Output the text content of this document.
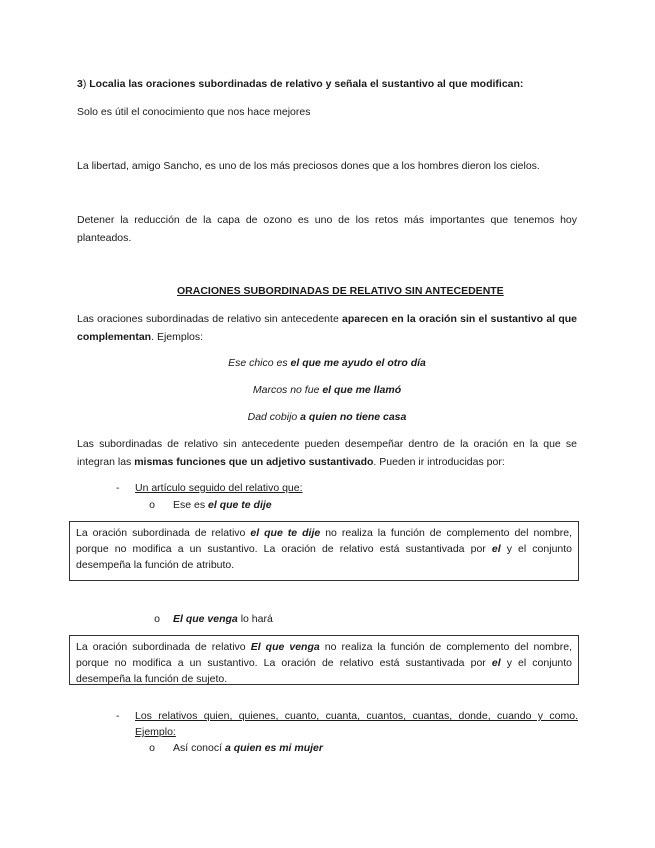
3) Localia las oraciones subordinadas de relativo y señala el sustantivo al que modifican:
Solo es útil el conocimiento que nos hace mejores
La libertad, amigo Sancho, es uno de los más preciosos dones que a los hombres dieron los cielos.
Detener la reducción de la capa de ozono es uno de los retos más importantes que tenemos hoy
planteados.
ORACIONES SUBORDINADAS DE RELATIVO SIN ANTECEDENTE
Las oraciones subordinadas de relativo sin antecedente aparecen en la oración sin el sustantivo al que
complementan. Ejemplos:
Ese chico es el que me ayudo el otro día
Marcos no fue el que me llamó
Dad cobijo a quien no tiene casa
Las subordinadas de relativo sin antecedente pueden desempeñar dentro de la oración en la que se
integran las mismas funciones que un adjetivo sustantivado. Pueden ir introducidas por:
- Un artículo seguido del relativo que:
o Ese es el que te dije
La oración subordinada de relativo el que te dije no realiza la función de complemento del nombre,
porque no modifica a un sustantivo. La oración de relativo está sustantivada por el y el conjunto
desempeña la función de atributo.
o El que venga lo hará
La oración subordinada de relativo El que venga no realiza la función de complemento del nombre,
porque no modifica a un sustantivo. La oración de relativo está sustantivada por el y el conjunto
desempeña la función de sujeto.
- Los relativos quien, quienes, cuanto, cuanta, cuantos, cuantas, donde, cuando y como.
Ejemplo:
o Así conocí a quien es mi mujer
